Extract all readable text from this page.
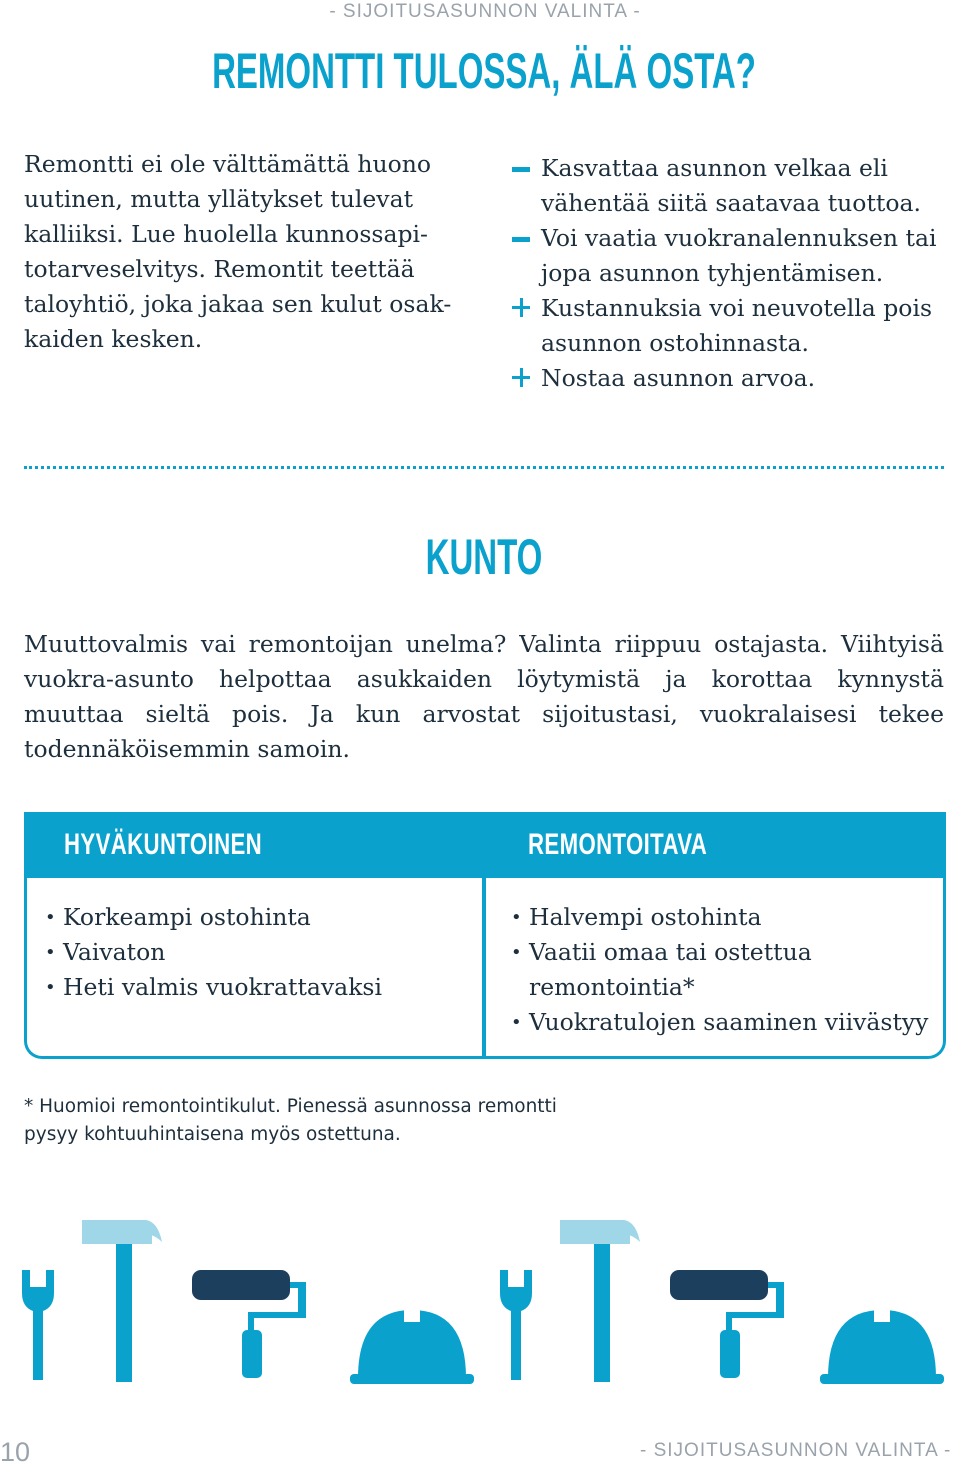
- SIJOITUSASUNNON VALINTA -
REMONTTI TULOSSA, ÄLÄ OSTA?
Remontti ei ole välttämättä huono
uutinen, mutta yllätykset tulevat
kalliiksi. Lue huolella kunnossapi-
totarveselvitys. Remontit teettää
taloyhtiö, joka jakaa sen kulut osak-
kaiden kesken.
Kasvattaa asunnon velkaa eli vähentää siitä saatavaa tuottoa.
Voi vaatia vuokranalennuksen tai jopa asunnon tyhjentämisen.
Kustannuksia voi neuvotella pois asunnon ostohinnasta.
Nostaa asunnon arvoa.
KUNTO
Muuttovalmis vai remontoijan unelma? Valinta riippuu ostajasta. Viihtyisä vuokra-asunto helpottaa asukkaiden löytymistä ja korottaa kynnystä muuttaa sieltä pois. Ja kun arvostat sijoitustasi, vuokralaisesi tekee todennäköisemmin samoin.
HYVÄKUNTOINEN	REMONTOITAVA
• Korkeampi ostohinta
• Vaivaton
• Heti valmis vuokrattavaksi
• Halvempi ostohinta
• Vaatii omaa tai ostettua remontointia*
• Vuokratulojen saaminen viivästyy
* Huomioi remontointikulut. Pienessä asunnossa remontti
pysyy kohtuuhintaisena myös ostettuna.
10	- SIJOITUSASUNNON VALINTA -
